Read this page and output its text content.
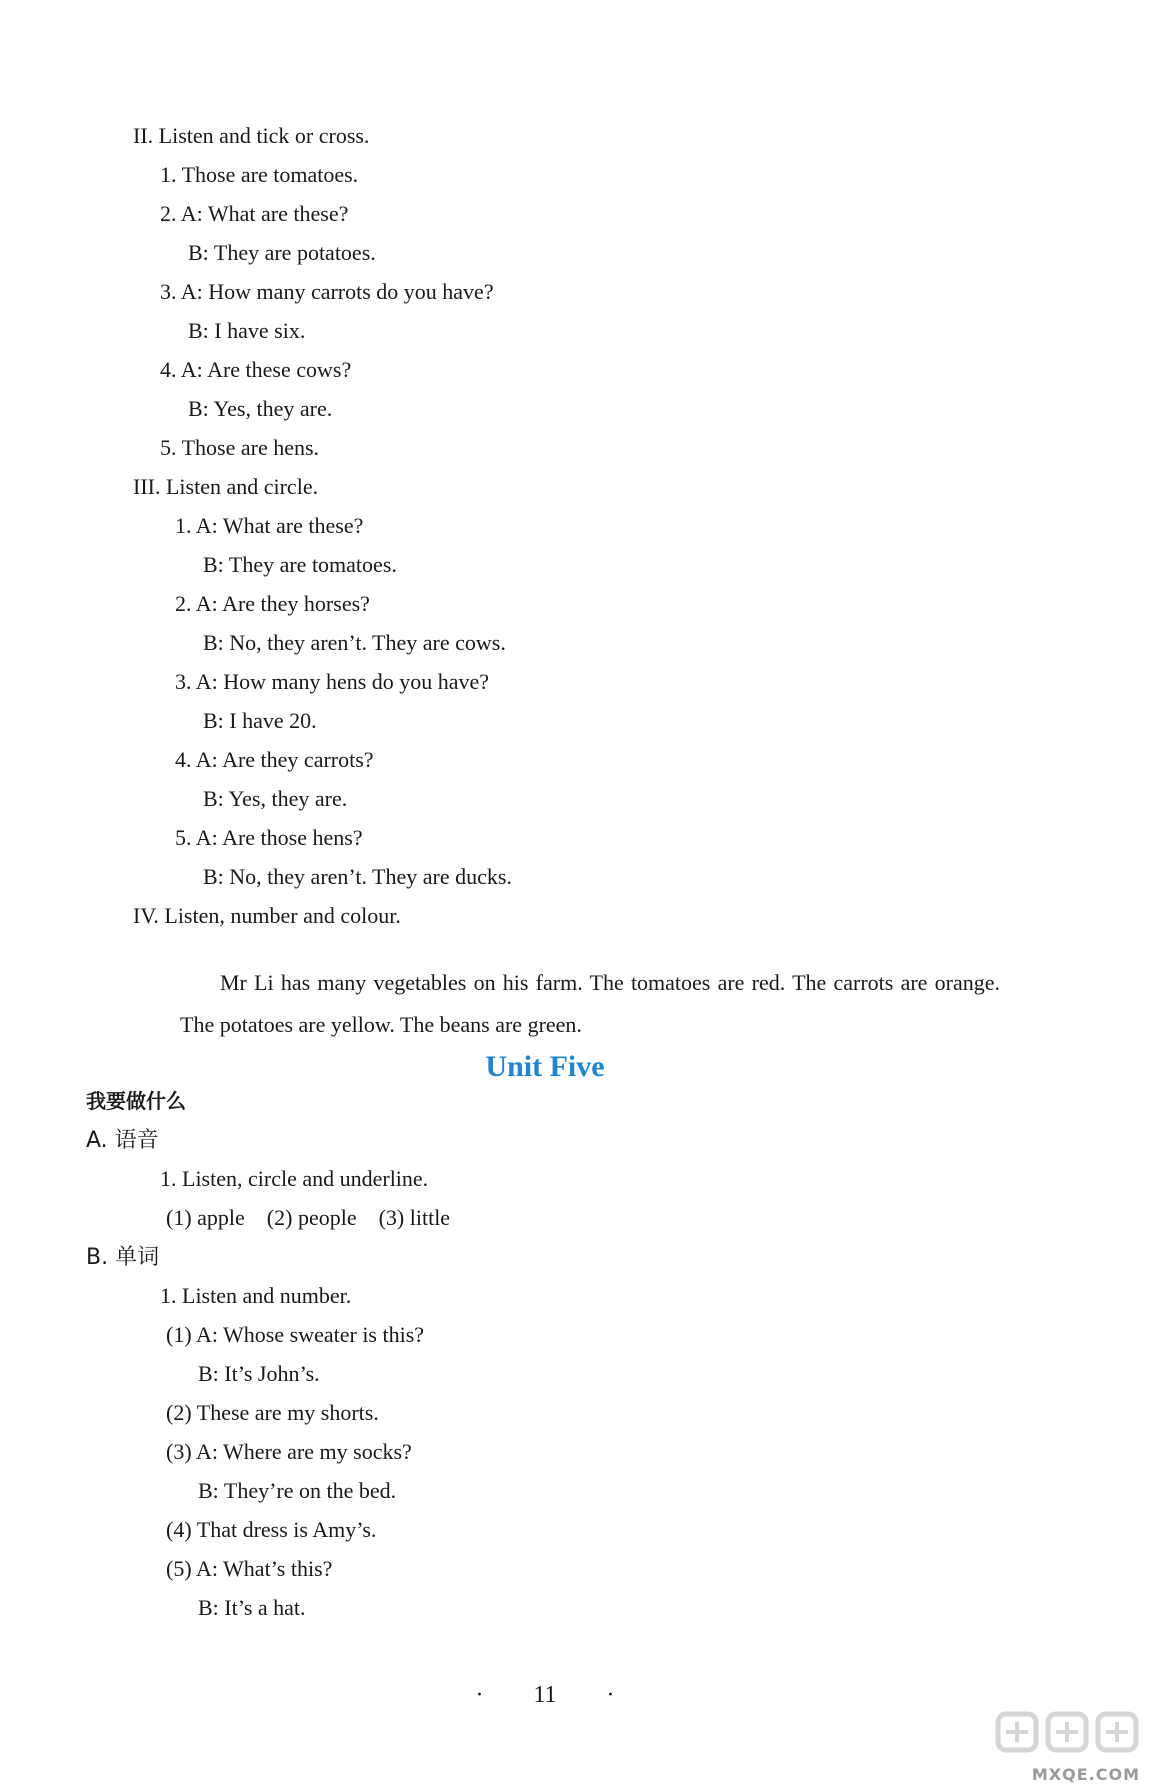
II. Listen and tick or cross.
1. Those are tomatoes.
2. A: What are these?
B: They are potatoes.
3. A: How many carrots do you have?
B: I have six.
4. A: Are these cows?
B: Yes, they are.
5. Those are hens.
III. Listen and circle.
1. A: What are these?
B: They are tomatoes.
2. A: Are they horses?
B: No, they aren’t. They are cows.
3. A: How many hens do you have?
B: I have 20.
4. A: Are they carrots?
B: Yes, they are.
5. A: Are those hens?
B: No, they aren’t. They are ducks.
IV. Listen, number and colour.
Mr Li has many vegetables on his farm. The tomatoes are red. The carrots are orange. The potatoes are yellow. The beans are green.
Unit Five
我要做什么
A. 语音
1. Listen, circle and underline.
(1) apple    (2) people    (3) little
B. 单词
1. Listen and number.
(1) A: Whose sweater is this?
B: It’s John’s.
(2) These are my shorts.
(3) A: Where are my socks?
B: They’re on the bed.
(4) That dress is Amy’s.
(5) A: What’s this?
B: It’s a hat.
· 11 ·
MXQE.COM
